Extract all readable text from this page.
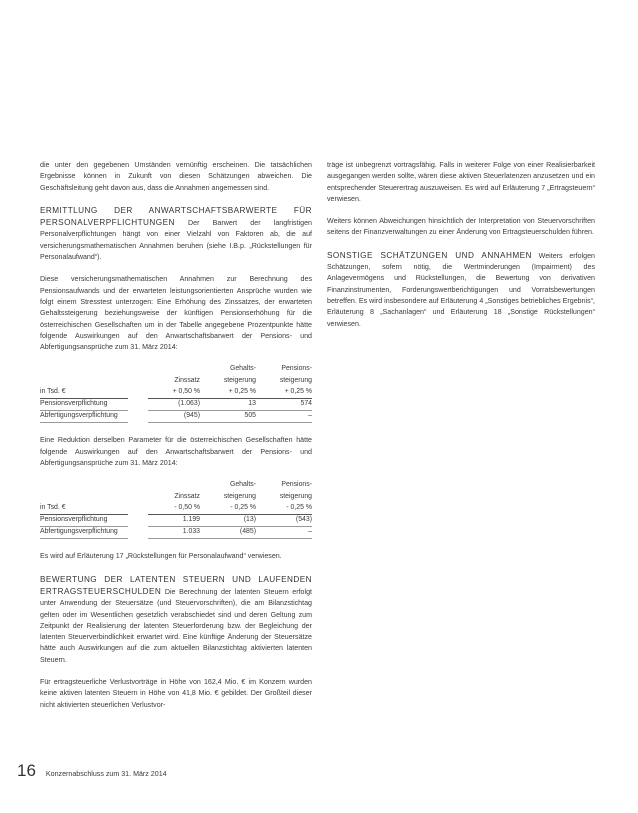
die unter den gegebenen Umständen vernünftig erscheinen. Die tatsächlichen Ergebnisse können in Zukunft von diesen Schätzungen abweichen. Die Geschäftsleitung geht davon aus, dass die Annahmen angemessen sind.

ERMITTLUNG DER ANWARTSCHAFTSBARWERTE FÜR PERSONALVERPFLICHTUNGEN Der Barwert der langfristigen Personalverpflichtungen hängt von einer Vielzahl von Faktoren ab, die auf versicherungsmathematischen Annahmen beruhen (siehe I.B.p. „Rückstellungen für Personalaufwand“).

Diese versicherungsmathematischen Annahmen zur Berechnung des Pensionsaufwands und der erwarteten leistungsorientierten Ansprüche wurden wie folgt einem Stresstest unterzogen: Eine Erhöhung des Zinssatzes, der erwarteten Gehaltssteigerung beziehungsweise der künftigen Pensionserhöhung für die österreichischen Gesellschaften um in der Tabelle angegebene Prozentpunkte hätte folgende Auswirkungen auf den Anwartschaftsbarwert der Pensions- und Abfertigungsansprüche zum 31. März 2014:

			Gehalts-	Pensions-
		Zinssatz	steigerung	steigerung
in Tsd. €		+ 0,50 %	+ 0,25 %	+ 0,25 %
Pensionsverpflichtung		(1.063)	13	574
Abfertigungsverpflichtung		(945)	505	–

Eine Reduktion derselben Parameter für die österreichischen Gesellschaften hätte folgende Auswirkungen auf den Anwartschaftsbarwert der Pensions- und Abfertigungsansprüche zum 31. März 2014:

			Gehalts-	Pensions-
		Zinssatz	steigerung	steigerung
in Tsd. €		- 0,50 %	- 0,25 %	- 0,25 %
Pensionsverpflichtung		1.199	(13)	(543)
Abfertigungsverpflichtung		1.033	(485)	–

Es wird auf Erläuterung 17 „Rückstellungen für Personalaufwand“ verwiesen.

BEWERTUNG DER LATENTEN STEUERN UND LAUFENDEN ERTRAGSTEUERSCHULDEN Die Berechnung der latenten Steuern erfolgt unter Anwendung der Steuersätze (und Steuervorschriften), die am Bilanzstichtag gelten oder im Wesentlichen gesetzlich verabschiedet sind und deren Geltung zum Zeitpunkt der Realisierung der latenten Steuerforderung bzw. der Begleichung der latenten Steuerverbindlichkeit erwartet wird. Eine künftige Änderung der Steuersätze hätte auch Auswirkungen auf die zum aktuellen Bilanzstichtag aktivierten latenten Steuern.

Für ertragsteuerliche Verlustvorträge in Höhe von 162,4 Mio. € im Konzern wurden keine aktiven latenten Steuern in Höhe von 41,8 Mio. € gebildet. Der Großteil dieser nicht aktivierten steuerlichen Verlustvor-

träge ist unbegrenzt vortragsfähig. Falls in weiterer Folge von einer Realisierbarkeit ausgegangen werden sollte, wären diese aktiven Steuerlatenzen anzusetzen und ein entsprechender Steuerertrag auszuweisen. Es wird auf Erläuterung 7 „Ertragsteuern“ verwiesen.

Weiters können Abweichungen hinsichtlich der Interpretation von Steuervorschriften seitens der Finanzverwaltungen zu einer Änderung von Ertragsteuerschulden führen.

SONSTIGE SCHÄTZUNGEN UND ANNAHMEN Weiters erfolgen Schätzungen, sofern nötig, die Wertminderungen (Impairment) des Anlagevermögens und Rückstellungen, die Bewertung von derivativen Finanzinstrumenten, Forderungswertberichtigungen und Vorratsbewertungen betreffen. Es wird insbesondere auf Erläuterung 4 „Sonstiges betriebliches Ergebnis“, Erläuterung 8 „Sachanlagen“ und Erläuterung 18 „Sonstige Rückstellungen“ verwiesen.

16 Konzernabschluss zum 31. März 2014
